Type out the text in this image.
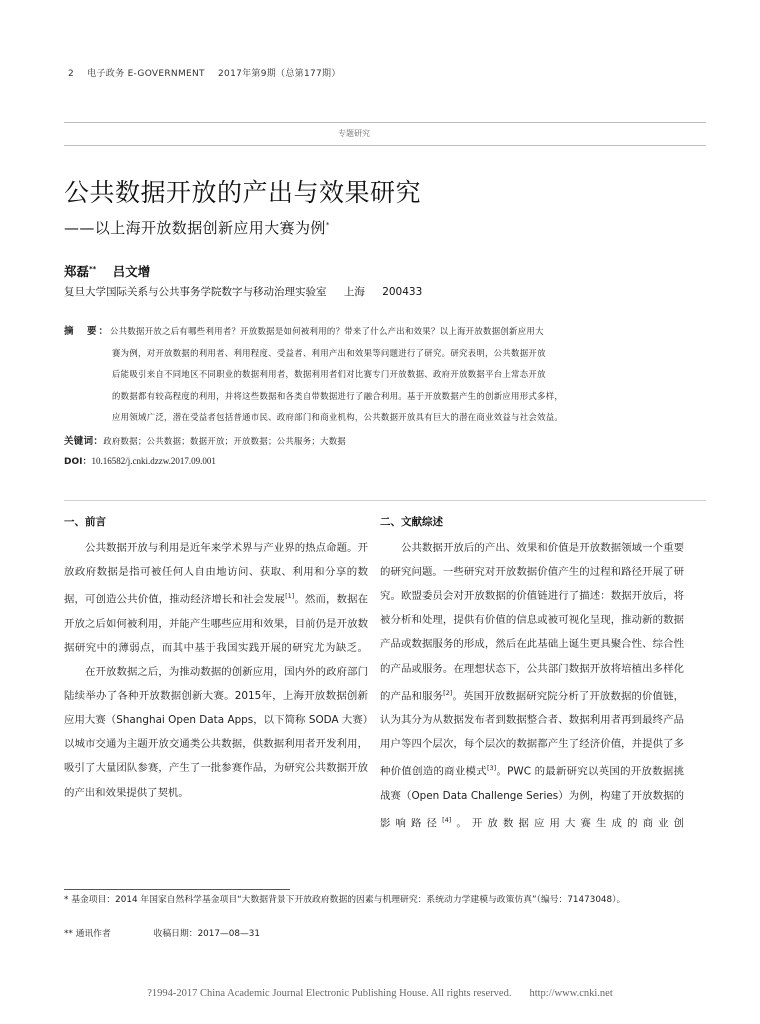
2 电子政务 E-GOVERNMENT 2017年第9期（总第177期）
专题研究
公共数据开放的产出与效果研究
——以上海开放数据创新应用大赛为例*
郑磊** 吕文增
复旦大学国际关系与公共事务学院数字与移动治理实验室 上海 200433
摘　要：公共数据开放之后有哪些利用者？开放数据是如何被利用的？带来了什么产出和效果？以上海开放数据创新应用大
赛为例，对开放数据的利用者、利用程度、受益者、利用产出和效果等问题进行了研究。研究表明，公共数据开放
后能吸引来自不同地区不同职业的数据利用者，数据利用者们对比赛专门开放数据、政府开放数据平台上常态开放
的数据都有较高程度的利用，并将这些数据和各类自带数据进行了融合利用。基于开放数据产生的创新应用形式多样，
应用领域广泛，潜在受益者包括普通市民、政府部门和商业机构，公共数据开放具有巨大的潜在商业效益与社会效益。
关键词：政府数据；公共数据；数据开放；开放数据；公共服务；大数据
DOI：10.16582/j.cnki.dzzw.2017.09.001
一、前言

公共数据开放与利用是近年来学术界与产业界的热点命题。开放政府数据是指可被任何人自由地访问、获取、利用和分享的数据，可创造公共价值，推动经济增长和社会发展[1]。然而，数据在开放之后如何被利用，并能产生哪些应用和效果，目前仍是开放数据研究中的薄弱点，而其中基于我国实践开展的研究尤为缺乏。

在开放数据之后，为推动数据的创新应用，国内外的政府部门陆续举办了各种开放数据创新大赛。2015年，上海开放数据创新应用大赛（Shanghai Open Data Apps，以下简称 SODA 大赛）以城市交通为主题开放交通类公共数据，供数据利用者开发利用，吸引了大量团队参赛，产生了一批参赛作品，为研究公共数据开放的产出和效果提供了契机。

二、文献综述

公共数据开放后的产出、效果和价值是开放数据领域一个重要的研究问题。一些研究对开放数据价值产生的过程和路径开展了研究。欧盟委员会对开放数据的价值链进行了描述：数据开放后，将被分析和处理，提供有价值的信息或被可视化呈现，推动新的数据产品或数据服务的形成，然后在此基础上诞生更具聚合性、综合性的产品或服务。在理想状态下，公共部门数据开放将培植出多样化的产品和服务[2]。英国开放数据研究院分析了开放数据的价值链，认为其分为从数据发布者到数据整合者、数据利用者再到最终产品用户等四个层次，每个层次的数据都产生了经济价值，并提供了多种价值创造的商业模式[3]。PWC 的最新研究以英国的开放数据挑战赛（Open Data Challenge Series）为例，构建了开放数据的影响路径[4]。开放数据应用大赛生成的商业创

* 基金项目：2014 年国家自然科学基金项目“大数据背景下开放政府数据的因素与机理研究：系统动力学建模与政策仿真”（编号：71473048）。
** 通讯作者	收稿日期：2017—08—31
?1994-2017 China Academic Journal Electronic Publishing House. All rights reserved. http://www.cnki.net
